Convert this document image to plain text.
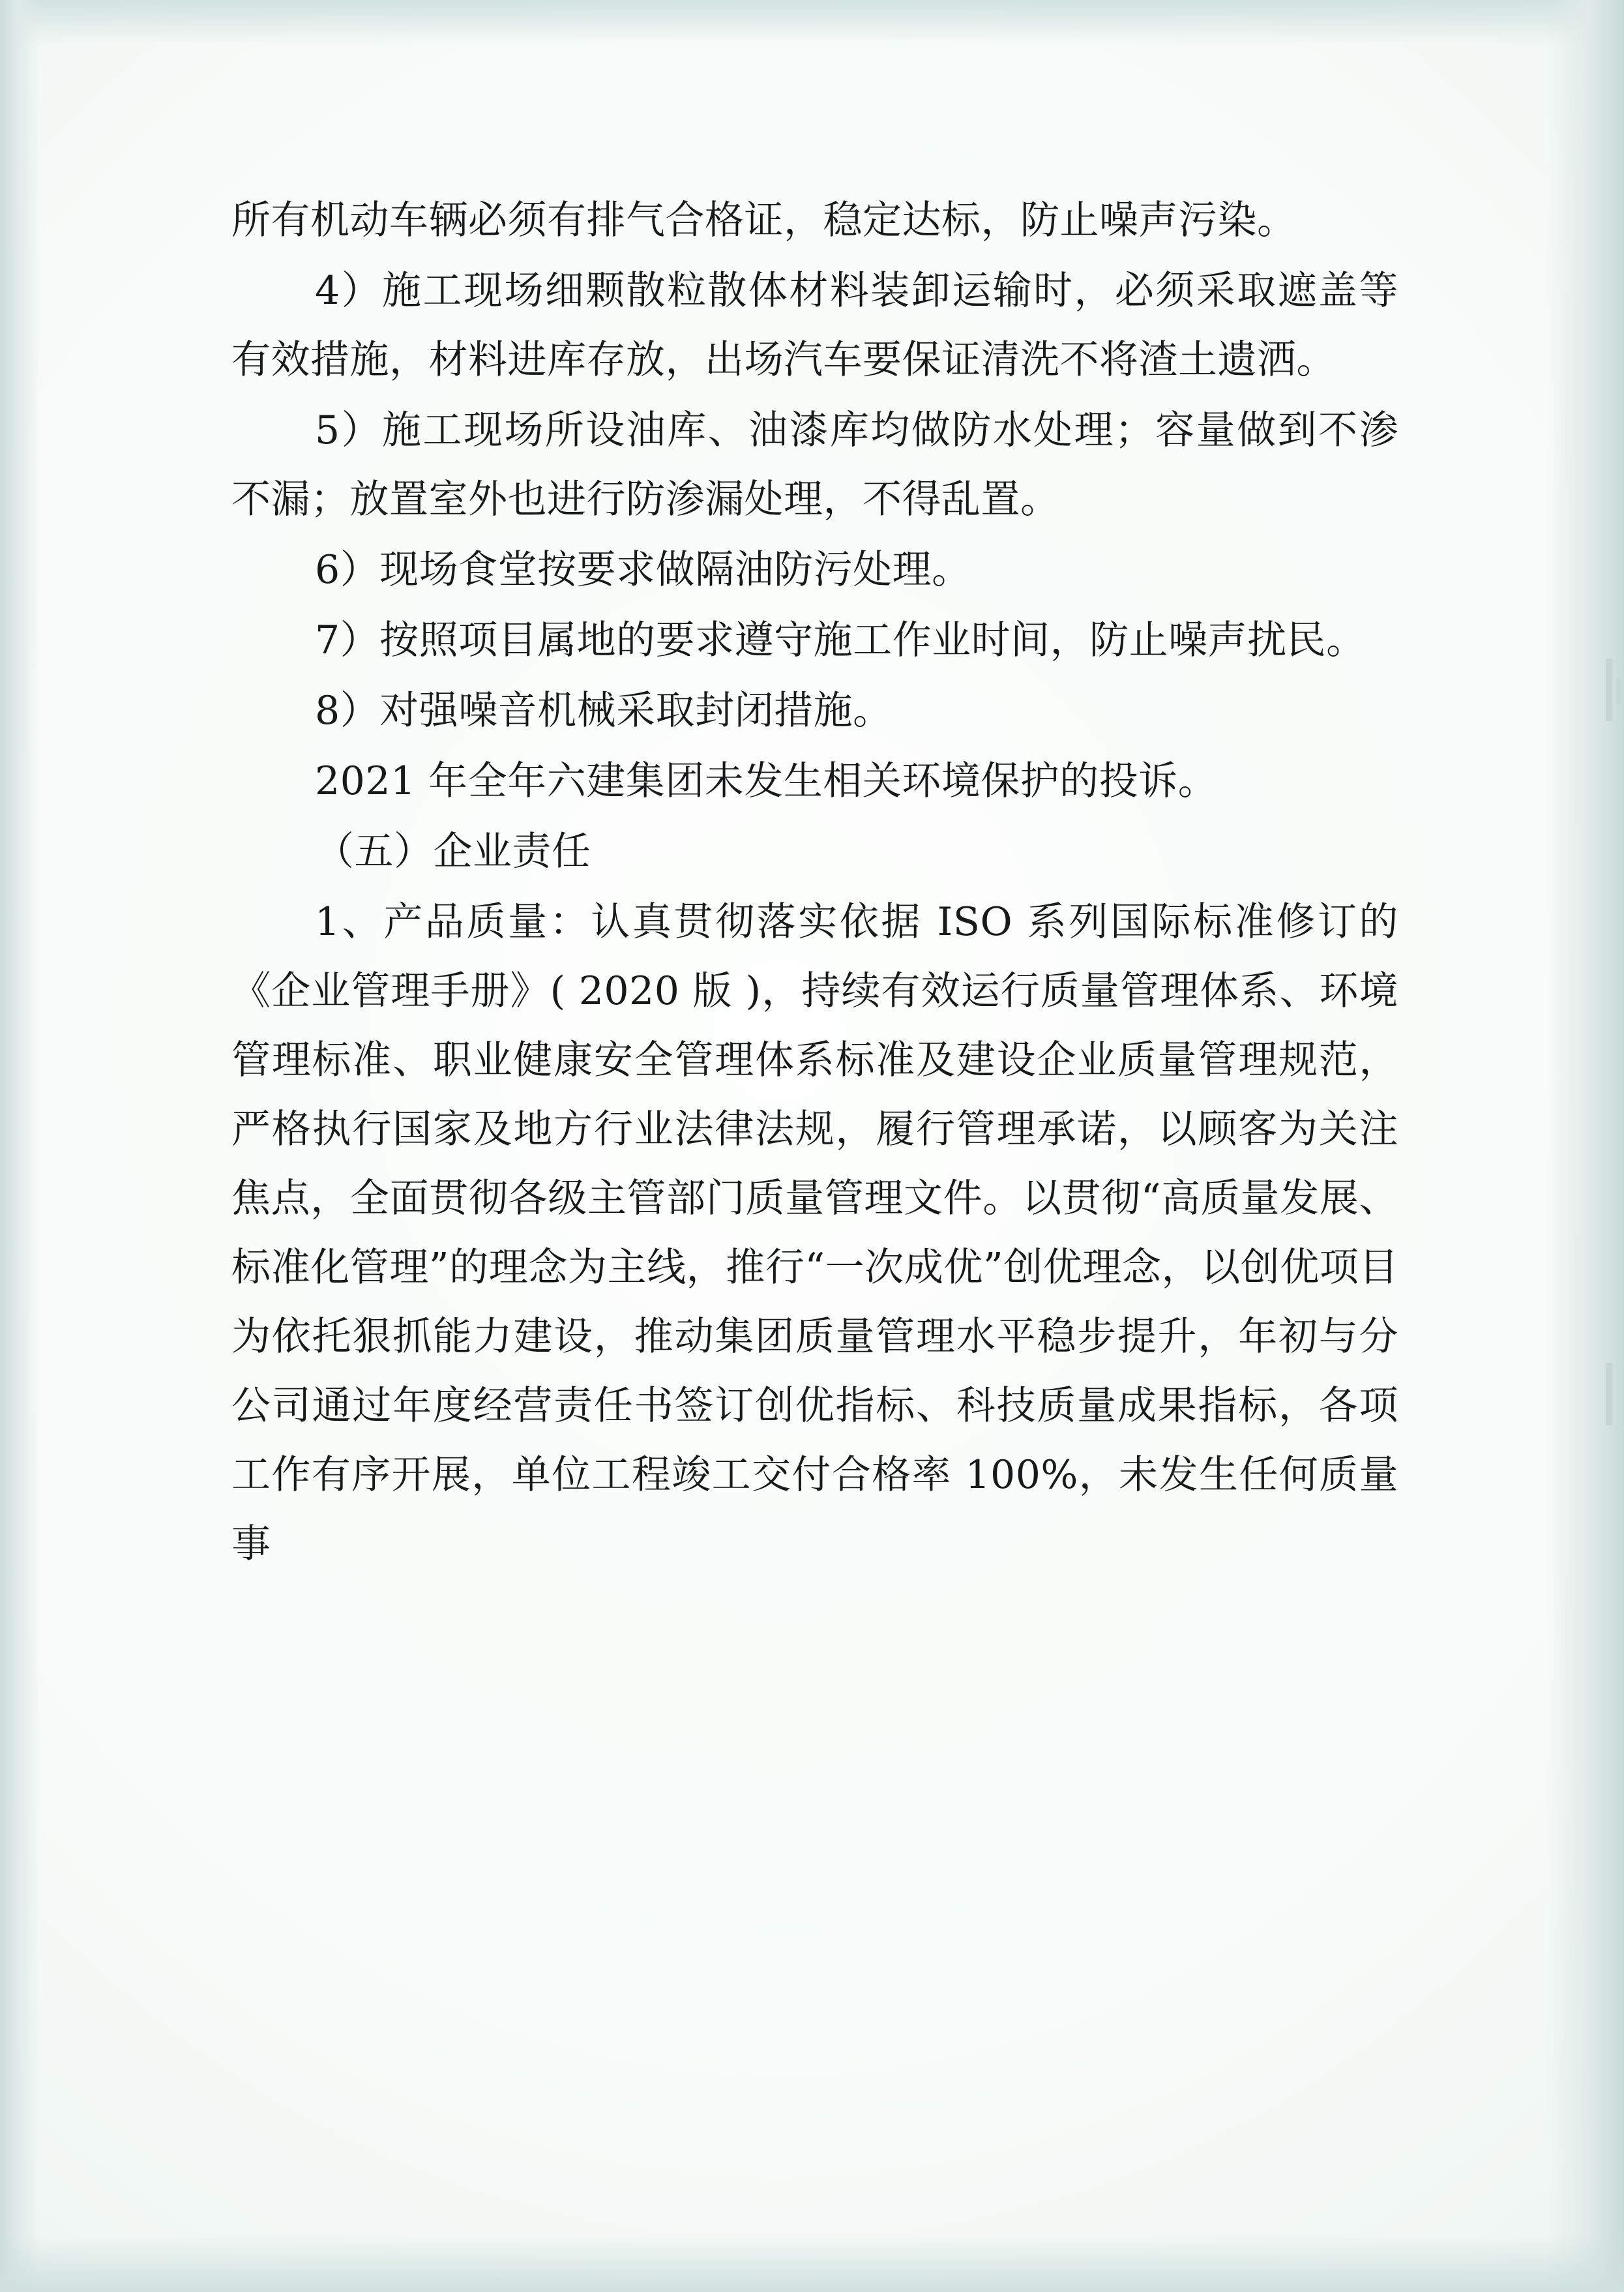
所有机动车辆必须有排气合格证，稳定达标，防止噪声污染。

4）施工现场细颗散粒散体材料装卸运输时，必须采取遮盖等有效措施，材料进库存放，出场汽车要保证清洗不将渣土遗洒。

5）施工现场所设油库、油漆库均做防水处理；容量做到不渗不漏；放置室外也进行防渗漏处理，不得乱置。

6）现场食堂按要求做隔油防污处理。

7）按照项目属地的要求遵守施工作业时间，防止噪声扰民。

8）对强噪音机械采取封闭措施。

2021 年全年六建集团未发生相关环境保护的投诉。

（五）企业责任

1、产品质量：认真贯彻落实依据 ISO 系列国际标准修订的《企业管理手册》( 2020 版 )，持续有效运行质量管理体系、环境管理标准、职业健康安全管理体系标准及建设企业质量管理规范，严格执行国家及地方行业法律法规，履行管理承诺，以顾客为关注焦点，全面贯彻各级主管部门质量管理文件。以贯彻“高质量发展、标准化管理”的理念为主线，推行“一次成优”创优理念，以创优项目为依托狠抓能力建设，推动集团质量管理水平稳步提升，年初与分公司通过年度经营责任书签订创优指标、科技质量成果指标，各项工作有序开展，单位工程竣工交付合格率 100%，未发生任何质量事
